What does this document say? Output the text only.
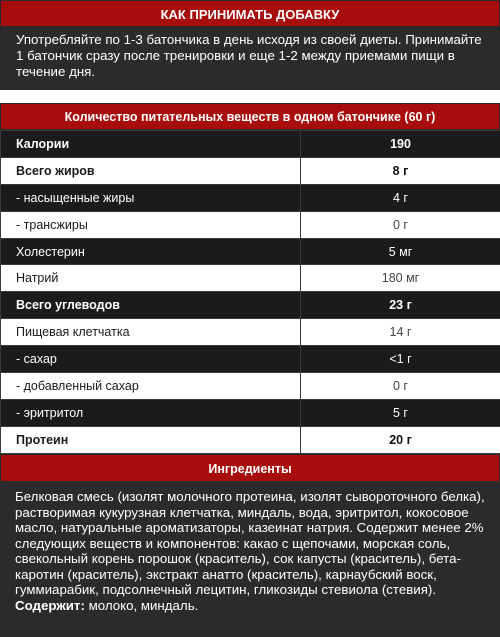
КАК ПРИНИМАТЬ ДОБАВКУ
Употребляйте по 1-3 батончика в день исходя из своей диеты. Принимайте 1 батончик сразу после тренировки и еще 1-2 между приемами пищи в течение дня.
Количество питательных веществ в одном батончике (60 г)
Калории	190
Всего жиров	8 г
- насыщенные жиры	4 г
- трансжиры	0 г
Холестерин	5 мг
Натрий	180 мг
Всего углеводов	23 г
Пищевая клетчатка	14 г
- сахар	<1 г
- добавленный сахар	0 г
- эритритол	5 г
Протеин	20 г
Ингредиенты
Белковая смесь (изолят молочного протеина, изолят сывороточного белка), растворимая кукурузная клетчатка, миндаль, вода, эритритол, кокосовое масло, натуральные ароматизаторы, казеинат натрия. Содержит менее 2% следующих веществ и компонентов: какао с щепочами, морская соль, свекольный корень порошок (краситель), сок капусты (краситель), бета-каротин (краситель), экстракт анатто (краситель), карнаубский воск, гуммиарабик, подсолнечный лецитин, гликозиды стевиола (стевия).
Содержит: молоко, миндаль.
